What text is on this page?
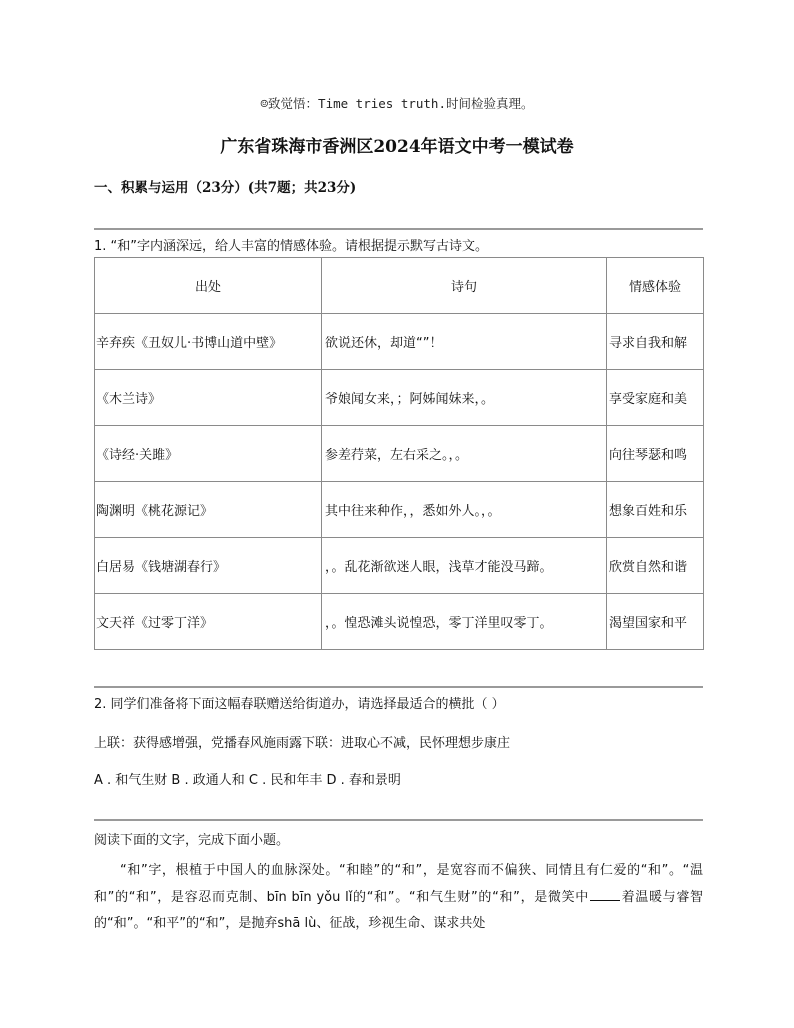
☺致觉悟：Time tries truth.时间检验真理。
广东省珠海市香洲区2024年语文中考一模试卷
一、积累与运用（23分）(共7题；共23分)
1. “和”字内涵深远，给人丰富的情感体验。请根据提示默写古诗文。
出处	诗句	情感体验
辛弃疾《丑奴儿·书博山道中壁》	欲说还休，却道“”！	寻求自我和解
《木兰诗》	爷娘闻女来，；阿姊闻妹来，。	享受家庭和美
《诗经·关雎》	参差荇菜，左右采之。，。	向往琴瑟和鸣
陶渊明《桃花源记》	其中往来种作，，悉如外人。，。	想象百姓和乐
白居易《钱塘湖春行》	，。乱花渐欲迷人眼，浅草才能没马蹄。	欣赏自然和谐
文天祥《过零丁洋》	，。惶恐滩头说惶恐，零丁洋里叹零丁。	渴望国家和平
2. 同学们准备将下面这幅春联赠送给街道办，请选择最适合的横批（ ）
上联：获得感增强，党播春风施雨露下联：进取心不减，民怀理想步康庄
A . 和气生财 B . 政通人和 C . 民和年丰 D . 春和景明
阅读下面的文字，完成下面小题。
“和”字，根植于中国人的血脉深处。“和睦”的“和”，是宽容而不偏狭、同情且有仁爱的“和”。“温和”的“和”，是容忍而克制、bīn bīn yǒu lǐ的“和”。“和气生财”的“和”，是微笑中 着温暖与睿智的“和”。“和平”的“和”，是抛弃shā lù、征战，珍视生命、谋求共处
